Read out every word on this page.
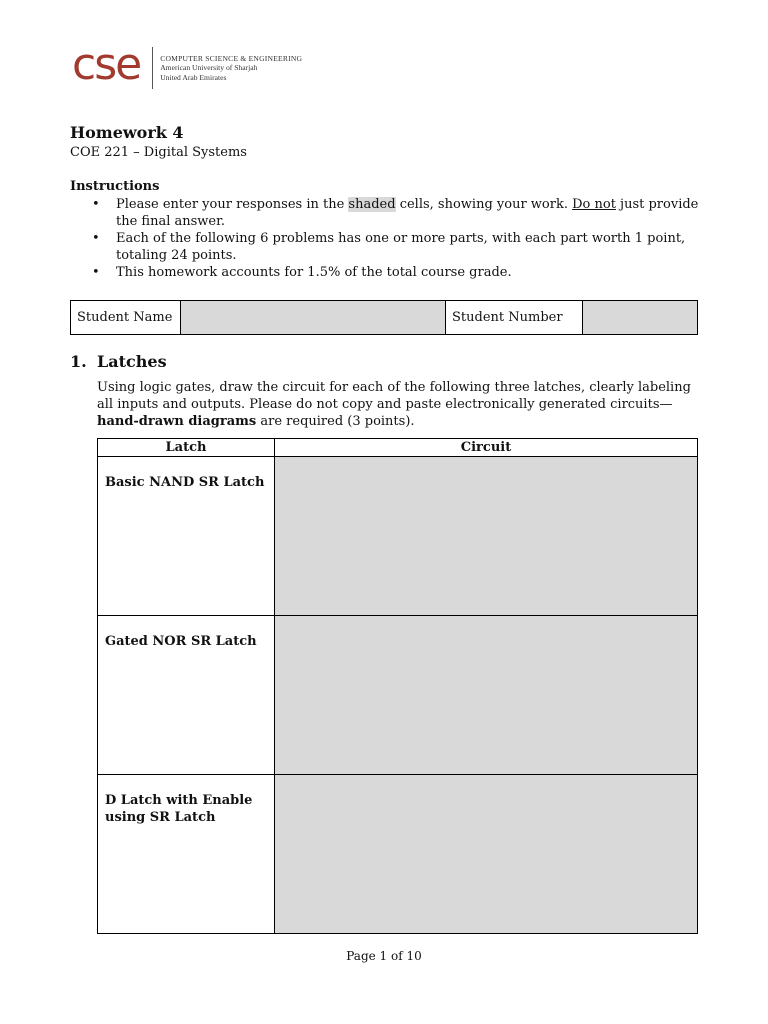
cse	COMPUTER SCIENCE & ENGINEERING
American University of Sharjah
United Arab Emirates
Homework 4
COE 221 – Digital Systems
Instructions
• Please enter your responses in the shaded cells, showing your work. Do not just provide the final answer.
• Each of the following 6 problems has one or more parts, with each part worth 1 point, totaling 24 points.
• This homework accounts for 1.5% of the total course grade.
Student Name		Student Number	
1. Latches
Using logic gates, draw the circuit for each of the following three latches, clearly labeling all inputs and outputs. Please do not copy and paste electronically generated circuits—hand-drawn diagrams are required (3 points).
Latch	Circuit
Basic NAND SR Latch	
Gated NOR SR Latch	
D Latch with Enable using SR Latch	
Page 1 of 10
